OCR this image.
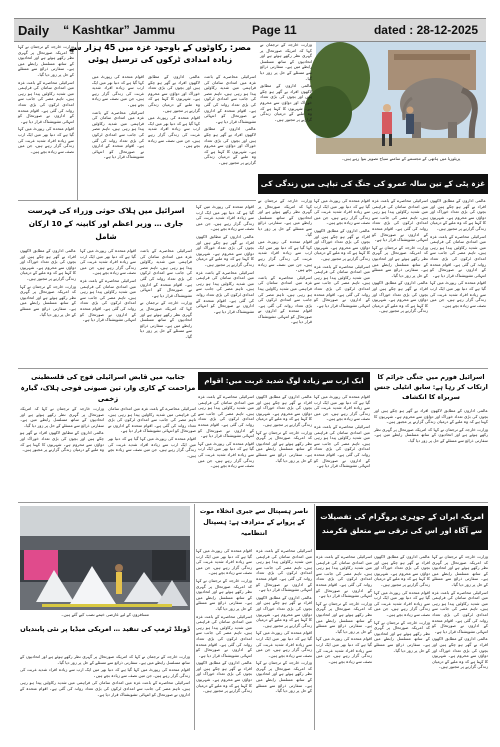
Daily “ Kashtkar” Jammu	Page 11	dated : 28-12-2025
مصر: رکاوٹوں کے باوجود غزہ میں 45 ہزار سے زیادہ امدادی ٹرکوں کی ترسیل ہوئی

اسرائیلی محاصرے کے باعث غزہ میں امدادی سامان کی فراہمی میں شدید رکاوٹیں پیدا ہو رہی ہیں، تاہم مصر کی جانب سے امدادی ٹرکوں کی بڑی تعداد روانہ کی گئی ہے۔ اقوام متحدہ کے اداروں نے صورتحال کو انتہائی تشویشناک قرار دیا ہے۔

عالمی اداروں کے مطابق لاکھوں افراد بے گھر ہو چکے ہیں اور بچوں کی بڑی تعداد خوراک اور دواؤں سے محروم ہے۔ شہریوں کا کہنا ہے کہ وہ ملبے کے درمیان زندگی گزارنے پر مجبور ہیں۔

عالمی اداروں کے مطابق لاکھوں افراد بے گھر ہو چکے ہیں اور بچوں کی بڑی تعداد خوراک اور دواؤں سے محروم ہے۔ شہریوں کا کہنا ہے کہ وہ ملبے کے درمیان زندگی گزارنے پر مجبور ہیں۔

اقوام متحدہ کی رپورٹ میں کہا گیا ہے کہ دنیا بھر میں ایک ارب سے زیادہ افراد شدید غربت کی زندگی گزار رہے ہیں، جن میں نصف سے زیادہ بچے ہیں۔

اقوام متحدہ کی رپورٹ میں کہا گیا ہے کہ دنیا بھر میں ایک ارب سے زیادہ افراد شدید غربت کی زندگی گزار رہے ہیں، جن میں نصف سے زیادہ بچے ہیں۔

اسرائیلی محاصرے کے باعث غزہ میں امدادی سامان کی فراہمی میں شدید رکاوٹیں پیدا ہو رہی ہیں، تاہم مصر کی جانب سے امدادی ٹرکوں کی بڑی تعداد روانہ کی گئی ہے۔ اقوام متحدہ کے اداروں نے صورتحال کو انتہائی تشویشناک قرار دیا ہے۔

وزارت خارجہ کے ترجمان نے کہا کہ امریکہ صورتحال پر گہری نظر رکھے ہوئے ہے اور اتحادیوں کے ساتھ مسلسل رابطے میں ہے۔ سفارتی ذرائع سے مسئلے کے حل پر زور دیا گیا۔

اسرائیلی محاصرے کے باعث غزہ میں امدادی سامان کی فراہمی میں شدید رکاوٹیں پیدا ہو رہی ہیں، تاہم مصر کی جانب سے امدادی ٹرکوں کی بڑی تعداد روانہ کی گئی ہے۔ اقوام متحدہ کے اداروں نے صورتحال کو انتہائی تشویشناک قرار دیا ہے۔

اقوام متحدہ کی رپورٹ میں کہا گیا ہے کہ دنیا بھر میں ایک ارب سے زیادہ افراد شدید غربت کی زندگی گزار رہے ہیں، جن میں نصف سے زیادہ بچے ہیں۔

پریٹوریا میں ہاتھی کے مجسمے کے سامنے سیاح تصویر بنوا رہے ہیں۔

وزارت خارجہ کے ترجمان نے کہا کہ امریکہ صورتحال پر گہری نظر رکھے ہوئے ہے اور اتحادیوں کے ساتھ مسلسل رابطے میں ہے۔ سفارتی ذرائع سے مسئلے کے حل پر زور دیا گیا۔

عالمی اداروں کے مطابق لاکھوں افراد بے گھر ہو چکے ہیں اور بچوں کی بڑی تعداد خوراک اور دواؤں سے محروم ہے۔ شہریوں کا کہنا ہے کہ وہ ملبے کے درمیان زندگی گزارنے پر مجبور ہیں۔

غزہ پٹی کے تین سالہ عمرو کی جنگ کی تباہی میں زندگی کی تلاش	عالمی اداروں کے مطابق لاکھوں افراد بے گھر ہو چکے ہیں اور بچوں کی بڑی تعداد خوراک اور دواؤں سے محروم ہے۔ شہریوں کا کہنا ہے کہ وہ ملبے کے درمیان زندگی گزارنے پر مجبور ہیں۔

اسرائیلی محاصرے کے باعث غزہ میں امدادی سامان کی فراہمی میں شدید رکاوٹیں پیدا ہو رہی ہیں، تاہم مصر کی جانب سے امدادی ٹرکوں کی بڑی تعداد روانہ کی گئی ہے۔ اقوام متحدہ کے اداروں نے صورتحال کو انتہائی تشویشناک قرار دیا ہے۔

اقوام متحدہ کی رپورٹ میں کہا گیا ہے کہ دنیا بھر میں ایک ارب سے زیادہ افراد شدید غربت کی زندگی گزار رہے ہیں، جن میں نصف سے زیادہ بچے ہیں۔

اسرائیلی محاصرے کے باعث غزہ میں امدادی سامان کی فراہمی میں شدید رکاوٹیں پیدا ہو رہی ہیں، تاہم مصر کی جانب سے امدادی ٹرکوں کی بڑی تعداد روانہ کی گئی ہے۔ اقوام متحدہ کے اداروں نے صورتحال کو انتہائی تشویشناک قرار دیا ہے۔

وزارت خارجہ کے ترجمان نے کہا کہ امریکہ صورتحال پر گہری نظر رکھے ہوئے ہے اور اتحادیوں کے ساتھ مسلسل رابطے میں ہے۔ سفارتی ذرائع سے مسئلے کے حل پر زور دیا گیا۔

عالمی اداروں کے مطابق لاکھوں افراد بے گھر ہو چکے ہیں اور بچوں کی بڑی تعداد خوراک اور دواؤں سے محروم ہے۔ شہریوں کا کہنا ہے کہ وہ ملبے کے درمیان زندگی گزارنے پر مجبور ہیں۔

اقوام متحدہ کی رپورٹ میں کہا گیا ہے کہ دنیا بھر میں ایک ارب سے زیادہ افراد شدید غربت کی زندگی گزار رہے ہیں، جن میں نصف سے زیادہ بچے ہیں۔

عالمی اداروں کے مطابق لاکھوں افراد بے گھر ہو چکے ہیں اور بچوں کی بڑی تعداد خوراک اور دواؤں سے محروم ہے۔ شہریوں کا کہنا ہے کہ وہ ملبے کے درمیان زندگی گزارنے پر مجبور ہیں۔

اسرائیلی محاصرے کے باعث غزہ میں امدادی سامان کی فراہمی میں شدید رکاوٹیں پیدا ہو رہی ہیں، تاہم مصر کی جانب سے امدادی ٹرکوں کی بڑی تعداد روانہ کی گئی ہے۔ اقوام متحدہ کے اداروں نے صورتحال کو انتہائی تشویشناک قرار دیا ہے۔

وزارت خارجہ کے ترجمان نے کہا کہ امریکہ صورتحال پر گہری نظر رکھے ہوئے ہے اور اتحادیوں کے ساتھ مسلسل رابطے میں ہے۔ سفارتی ذرائع سے مسئلے کے حل پر زور دیا گیا۔

اقوام متحدہ کی رپورٹ میں کہا گیا ہے کہ دنیا بھر میں ایک ارب سے زیادہ افراد شدید غربت کی زندگی گزار رہے ہیں، جن میں نصف سے زیادہ بچے ہیں۔

اسرائیلی محاصرے کے باعث غزہ میں امدادی سامان کی فراہمی میں شدید رکاوٹیں پیدا ہو رہی ہیں، تاہم مصر کی جانب سے امدادی ٹرکوں کی بڑی تعداد روانہ کی گئی ہے۔ اقوام متحدہ کے اداروں نے صورتحال کو انتہائی تشویشناک قرار دیا ہے۔

اسرائیل میں ہلاک حوثی وزراء کی فہرست جاری … وزیر اعظم اور کابینہ کے 10 ارکان شامل

اسرائیلی محاصرے کے باعث غزہ میں امدادی سامان کی فراہمی میں شدید رکاوٹیں پیدا ہو رہی ہیں، تاہم مصر کی جانب سے امدادی ٹرکوں کی بڑی تعداد روانہ کی گئی ہے۔ اقوام متحدہ کے اداروں نے صورتحال کو انتہائی تشویشناک قرار دیا ہے۔

وزارت خارجہ کے ترجمان نے کہا کہ امریکہ صورتحال پر گہری نظر رکھے ہوئے ہے اور اتحادیوں کے ساتھ مسلسل رابطے میں ہے۔ سفارتی ذرائع سے مسئلے کے حل پر زور دیا گیا۔

اقوام متحدہ کی رپورٹ میں کہا گیا ہے کہ دنیا بھر میں ایک ارب سے زیادہ افراد شدید غربت کی زندگی گزار رہے ہیں، جن میں نصف سے زیادہ بچے ہیں۔

اسرائیلی محاصرے کے باعث غزہ میں امدادی سامان کی فراہمی میں شدید رکاوٹیں پیدا ہو رہی ہیں، تاہم مصر کی جانب سے امدادی ٹرکوں کی بڑی تعداد روانہ کی گئی ہے۔ اقوام متحدہ کے اداروں نے صورتحال کو انتہائی تشویشناک قرار دیا ہے۔

عالمی اداروں کے مطابق لاکھوں افراد بے گھر ہو چکے ہیں اور بچوں کی بڑی تعداد خوراک اور دواؤں سے محروم ہے۔ شہریوں کا کہنا ہے کہ وہ ملبے کے درمیان زندگی گزارنے پر مجبور ہیں۔

وزارت خارجہ کے ترجمان نے کہا کہ امریکہ صورتحال پر گہری نظر رکھے ہوئے ہے اور اتحادیوں کے ساتھ مسلسل رابطے میں ہے۔ سفارتی ذرائع سے مسئلے کے حل پر زور دیا گیا۔

اقوام متحدہ کی رپورٹ میں کہا گیا ہے کہ دنیا بھر میں ایک ارب سے زیادہ افراد شدید غربت کی زندگی گزار رہے ہیں، جن میں نصف سے زیادہ بچے ہیں۔

عالمی اداروں کے مطابق لاکھوں افراد بے گھر ہو چکے ہیں اور بچوں کی بڑی تعداد خوراک اور دواؤں سے محروم ہے۔ شہریوں کا کہنا ہے کہ وہ ملبے کے درمیان زندگی گزارنے پر مجبور ہیں۔

اسرائیلی محاصرے کے باعث غزہ میں امدادی سامان کی فراہمی میں شدید رکاوٹیں پیدا ہو رہی ہیں، تاہم مصر کی جانب سے امدادی ٹرکوں کی بڑی تعداد روانہ کی گئی ہے۔ اقوام متحدہ کے اداروں نے صورتحال کو انتہائی تشویشناک قرار دیا ہے۔

جنابیہ میں قابض اسرائیلی فوج کی فلسطینی مزاحمت کے کاری وار، تین صیونی فوجی ہلاک، گیارہ زخمی
ایک ارب سے زیادہ لوگ شدید غربت میں: اقوام	اسرائیل فورم میں جنگی جرائم کا ارتکاب کر رہا ہے: سابق انٹیلی جنس سربراہ کا انکشاف

اسرائیلی محاصرے کے باعث غزہ میں امدادی سامان کی فراہمی میں شدید رکاوٹیں پیدا ہو رہی ہیں، تاہم مصر کی جانب سے امدادی ٹرکوں کی بڑی تعداد روانہ کی گئی ہے۔ اقوام متحدہ کے اداروں نے صورتحال کو انتہائی تشویشناک قرار دیا ہے۔

اقوام متحدہ کی رپورٹ میں کہا گیا ہے کہ دنیا بھر میں ایک ارب سے زیادہ افراد شدید غربت کی زندگی گزار رہے ہیں، جن میں نصف سے زیادہ بچے ہیں۔

وزارت خارجہ کے ترجمان نے کہا کہ امریکہ صورتحال پر گہری نظر رکھے ہوئے ہے اور اتحادیوں کے ساتھ مسلسل رابطے میں ہے۔ سفارتی ذرائع سے مسئلے کے حل پر زور دیا گیا۔

عالمی اداروں کے مطابق لاکھوں افراد بے گھر ہو چکے ہیں اور بچوں کی بڑی تعداد خوراک اور دواؤں سے محروم ہے۔ شہریوں کا کہنا ہے کہ وہ ملبے کے درمیان زندگی گزارنے پر مجبور ہیں۔

اقوام متحدہ کی رپورٹ میں کہا گیا ہے کہ دنیا بھر میں ایک ارب سے زیادہ افراد شدید غربت کی زندگی گزار رہے ہیں، جن میں نصف سے زیادہ بچے ہیں۔

اسرائیلی محاصرے کے باعث غزہ میں امدادی سامان کی فراہمی میں شدید رکاوٹیں پیدا ہو رہی ہیں، تاہم مصر کی جانب سے امدادی ٹرکوں کی بڑی تعداد روانہ کی گئی ہے۔ اقوام متحدہ کے اداروں نے صورتحال کو انتہائی تشویشناک قرار دیا ہے۔

عالمی اداروں کے مطابق لاکھوں افراد بے گھر ہو چکے ہیں اور بچوں کی بڑی تعداد خوراک اور دواؤں سے محروم ہے۔ شہریوں کا کہنا ہے کہ وہ ملبے کے درمیان زندگی گزارنے پر مجبور ہیں۔

وزارت خارجہ کے ترجمان نے کہا کہ امریکہ صورتحال پر گہری نظر رکھے ہوئے ہے اور اتحادیوں کے ساتھ مسلسل رابطے میں ہے۔ سفارتی ذرائع سے مسئلے کے حل پر زور دیا گیا۔

اسرائیلی محاصرے کے باعث غزہ میں امدادی سامان کی فراہمی میں شدید رکاوٹیں پیدا ہو رہی ہیں، تاہم مصر کی جانب سے امدادی ٹرکوں کی بڑی تعداد روانہ کی گئی ہے۔ اقوام متحدہ کے اداروں نے صورتحال کو انتہائی تشویشناک قرار دیا ہے۔

اقوام متحدہ کی رپورٹ میں کہا گیا ہے کہ دنیا بھر میں ایک ارب سے زیادہ افراد شدید غربت کی زندگی گزار رہے ہیں، جن میں نصف سے زیادہ بچے ہیں۔

عالمی اداروں کے مطابق لاکھوں افراد بے گھر ہو چکے ہیں اور بچوں کی بڑی تعداد خوراک اور دواؤں سے محروم ہے۔ شہریوں کا کہنا ہے کہ وہ ملبے کے درمیان زندگی گزارنے پر مجبور ہیں۔

وزارت خارجہ کے ترجمان نے کہا کہ امریکہ صورتحال پر گہری نظر رکھے ہوئے ہے اور اتحادیوں کے ساتھ مسلسل رابطے میں ہے۔ سفارتی ذرائع سے مسئلے کے حل پر زور دیا گیا۔

مسافروں کے لیے عارضی خیمے نصب کیے گئے ہیں۔
ڈونلڈ ٹرمپ کی تنقید … امریکی میڈیا پر نئی پابندیاں

وزارت خارجہ کے ترجمان نے کہا کہ امریکہ صورتحال پر گہری نظر رکھے ہوئے ہے اور اتحادیوں کے ساتھ مسلسل رابطے میں ہے۔ سفارتی ذرائع سے مسئلے کے حل پر زور دیا گیا۔

اقوام متحدہ کی رپورٹ میں کہا گیا ہے کہ دنیا بھر میں ایک ارب سے زیادہ افراد شدید غربت کی زندگی گزار رہے ہیں، جن میں نصف سے زیادہ بچے ہیں۔

اسرائیلی محاصرے کے باعث غزہ میں امدادی سامان کی فراہمی میں شدید رکاوٹیں پیدا ہو رہی ہیں، تاہم مصر کی جانب سے امدادی ٹرکوں کی بڑی تعداد روانہ کی گئی ہے۔ اقوام متحدہ کے اداروں نے صورتحال کو انتہائی تشویشناک قرار دیا ہے۔

ناصر ہسپتال سے جبری انخلاء موت کے پروانے کے مترادف ہے: ہسپتال انتظامیہ

اسرائیلی محاصرے کے باعث غزہ میں امدادی سامان کی فراہمی میں شدید رکاوٹیں پیدا ہو رہی ہیں، تاہم مصر کی جانب سے امدادی ٹرکوں کی بڑی تعداد روانہ کی گئی ہے۔ اقوام متحدہ کے اداروں نے صورتحال کو انتہائی تشویشناک قرار دیا ہے۔

عالمی اداروں کے مطابق لاکھوں افراد بے گھر ہو چکے ہیں اور بچوں کی بڑی تعداد خوراک اور دواؤں سے محروم ہے۔ شہریوں کا کہنا ہے کہ وہ ملبے کے درمیان زندگی گزارنے پر مجبور ہیں۔

اقوام متحدہ کی رپورٹ میں کہا گیا ہے کہ دنیا بھر میں ایک ارب سے زیادہ افراد شدید غربت کی زندگی گزار رہے ہیں، جن میں نصف سے زیادہ بچے ہیں۔

وزارت خارجہ کے ترجمان نے کہا کہ امریکہ صورتحال پر گہری نظر رکھے ہوئے ہے اور اتحادیوں کے ساتھ مسلسل رابطے میں ہے۔ سفارتی ذرائع سے مسئلے کے حل پر زور دیا گیا۔

اقوام متحدہ کی رپورٹ میں کہا گیا ہے کہ دنیا بھر میں ایک ارب سے زیادہ افراد شدید غربت کی زندگی گزار رہے ہیں، جن میں نصف سے زیادہ بچے ہیں۔

وزارت خارجہ کے ترجمان نے کہا کہ امریکہ صورتحال پر گہری نظر رکھے ہوئے ہے اور اتحادیوں کے ساتھ مسلسل رابطے میں ہے۔ سفارتی ذرائع سے مسئلے کے حل پر زور دیا گیا۔

اسرائیلی محاصرے کے باعث غزہ میں امدادی سامان کی فراہمی میں شدید رکاوٹیں پیدا ہو رہی ہیں، تاہم مصر کی جانب سے امدادی ٹرکوں کی بڑی تعداد روانہ کی گئی ہے۔ اقوام متحدہ کے اداروں نے صورتحال کو انتہائی تشویشناک قرار دیا ہے۔

عالمی اداروں کے مطابق لاکھوں افراد بے گھر ہو چکے ہیں اور بچوں کی بڑی تعداد خوراک اور دواؤں سے محروم ہے۔ شہریوں کا کہنا ہے کہ وہ ملبے کے درمیان زندگی گزارنے پر مجبور ہیں۔

امریکہ ایران کے جوہری پروگرام کی تفصیلات سے آگاہ اور اس کی ترقی سے متعلق فکرمند

وزارت خارجہ کے ترجمان نے کہا کہ امریکہ صورتحال پر گہری نظر رکھے ہوئے ہے اور اتحادیوں کے ساتھ مسلسل رابطے میں ہے۔ سفارتی ذرائع سے مسئلے کے حل پر زور دیا گیا۔

اسرائیلی محاصرے کے باعث غزہ میں امدادی سامان کی فراہمی میں شدید رکاوٹیں پیدا ہو رہی ہیں، تاہم مصر کی جانب سے امدادی ٹرکوں کی بڑی تعداد روانہ کی گئی ہے۔ اقوام متحدہ کے اداروں نے صورتحال کو انتہائی تشویشناک قرار دیا ہے۔

عالمی اداروں کے مطابق لاکھوں افراد بے گھر ہو چکے ہیں اور بچوں کی بڑی تعداد خوراک اور دواؤں سے محروم ہے۔ شہریوں کا کہنا ہے کہ وہ ملبے کے درمیان زندگی گزارنے پر مجبور ہیں۔

عالمی اداروں کے مطابق لاکھوں افراد بے گھر ہو چکے ہیں اور بچوں کی بڑی تعداد خوراک اور دواؤں سے محروم ہے۔ شہریوں کا کہنا ہے کہ وہ ملبے کے درمیان زندگی گزارنے پر مجبور ہیں۔

اقوام متحدہ کی رپورٹ میں کہا گیا ہے کہ دنیا بھر میں ایک ارب سے زیادہ افراد شدید غربت کی زندگی گزار رہے ہیں، جن میں نصف سے زیادہ بچے ہیں۔

وزارت خارجہ کے ترجمان نے کہا کہ امریکہ صورتحال پر گہری نظر رکھے ہوئے ہے اور اتحادیوں کے ساتھ مسلسل رابطے میں ہے۔ سفارتی ذرائع سے مسئلے کے حل پر زور دیا گیا۔

اسرائیلی محاصرے کے باعث غزہ میں امدادی سامان کی فراہمی میں شدید رکاوٹیں پیدا ہو رہی ہیں، تاہم مصر کی جانب سے امدادی ٹرکوں کی بڑی تعداد روانہ کی گئی ہے۔ اقوام متحدہ کے اداروں نے صورتحال کو انتہائی تشویشناک قرار دیا ہے۔

وزارت خارجہ کے ترجمان نے کہا کہ امریکہ صورتحال پر گہری نظر رکھے ہوئے ہے اور اتحادیوں کے ساتھ مسلسل رابطے میں ہے۔ سفارتی ذرائع سے مسئلے کے حل پر زور دیا گیا۔

اقوام متحدہ کی رپورٹ میں کہا گیا ہے کہ دنیا بھر میں ایک ارب سے زیادہ افراد شدید غربت کی زندگی گزار رہے ہیں، جن میں نصف سے زیادہ بچے ہیں۔
